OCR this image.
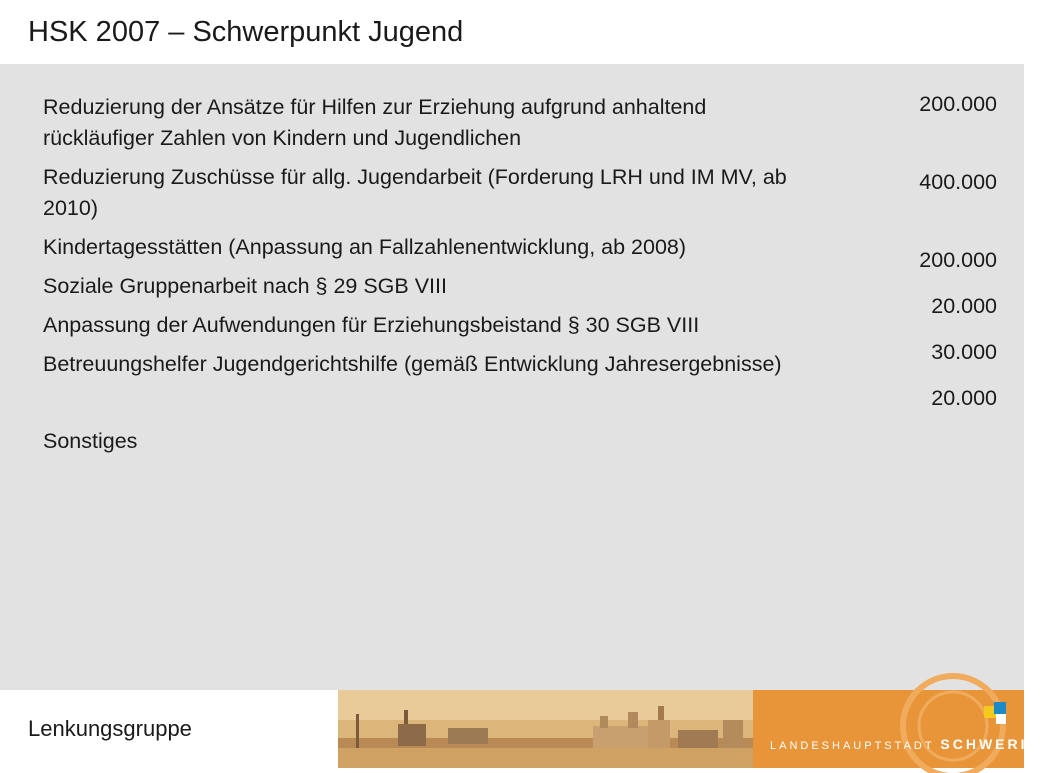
HSK 2007 – Schwerpunkt Jugend
Reduzierung der Ansätze für Hilfen zur Erziehung aufgrund anhaltend rückläufiger Zahlen von Kindern und Jugendlichen
Reduzierung Zuschüsse für allg. Jugendarbeit (Forderung LRH und IM MV, ab 2010)
Kindertagesstätten (Anpassung an Fallzahlenentwicklung, ab 2008)
Soziale Gruppenarbeit nach § 29 SGB VIII
Anpassung der Aufwendungen für Erziehungsbeistand § 30 SGB VIII
Betreuungshelfer Jugendgerichtshilfe (gemäß Entwicklung Jahresergebnisse)
Sonstiges
200.000
400.000
200.000
20.000
30.000
20.000
Lenkungsgruppe
LANDESHAUPTSTADT SCHWERIN
